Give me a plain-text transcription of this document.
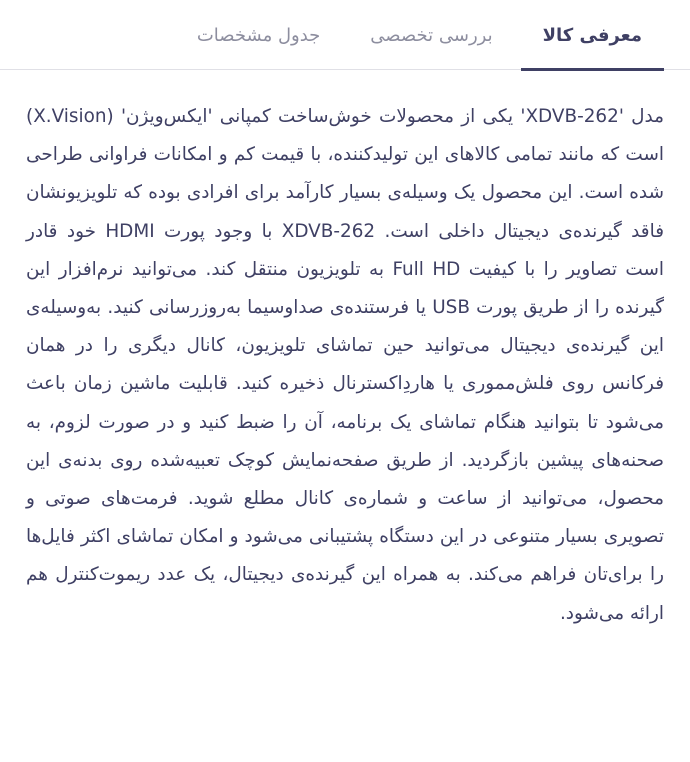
معرفی کالا
بررسی تخصصی
جدول مشخصات

مدل 'XDVB-262' یکی از محصولات خوش‌ساخت کمپانی 'ایکس‌ویژن' (X.Vision) است که مانند تمامی کالاهای این تولیدکننده، با قیمت کم و امکانات فراوانی طراحی شده است. این محصول یک وسیله‌ی بسیار کارآمد برای افرادی بوده که تلویزیونشان فاقد گیرنده‌ی دیجیتال داخلی است. XDVB-262 با وجود پورت HDMI خود قادر است تصاویر را با کیفیت Full HD به تلویزیون منتقل کند. می‌توانید نرم‌افزار این گیرنده را از طریق پورت USB یا فرستنده‌ی صداوسیما به‌روزرسانی کنید. به‌وسیله‌ی این گیرنده‌ی دیجیتال می‌توانید حین تماشای تلویزیون، کانال دیگری را در همان فرکانس روی فلش‌مموری یا هاردِاکسترنال ذخیره کنید. قابلیت ماشین زمان باعث می‌شود تا بتوانید هنگام تماشای یک برنامه، آن را ضبط کنید و در صورت لزوم، به صحنه‌های پیشین بازگردید. از طریق صفحه‌نمایش کوچک تعبیه‌شده روی بدنه‌ی این محصول، می‌توانید از ساعت و شماره‌ی کانال مطلع شوید. فرمت‌های صوتی و تصویری بسیار متنوعی در این دستگاه پشتیبانی می‌شود و امکان تماشای اکثر فایل‌ها را برای‌تان فراهم می‌کند. به همراه این گیرنده‌ی دیجیتال، یک عدد ریموت‌کنترل هم ارائه می‌شود.
